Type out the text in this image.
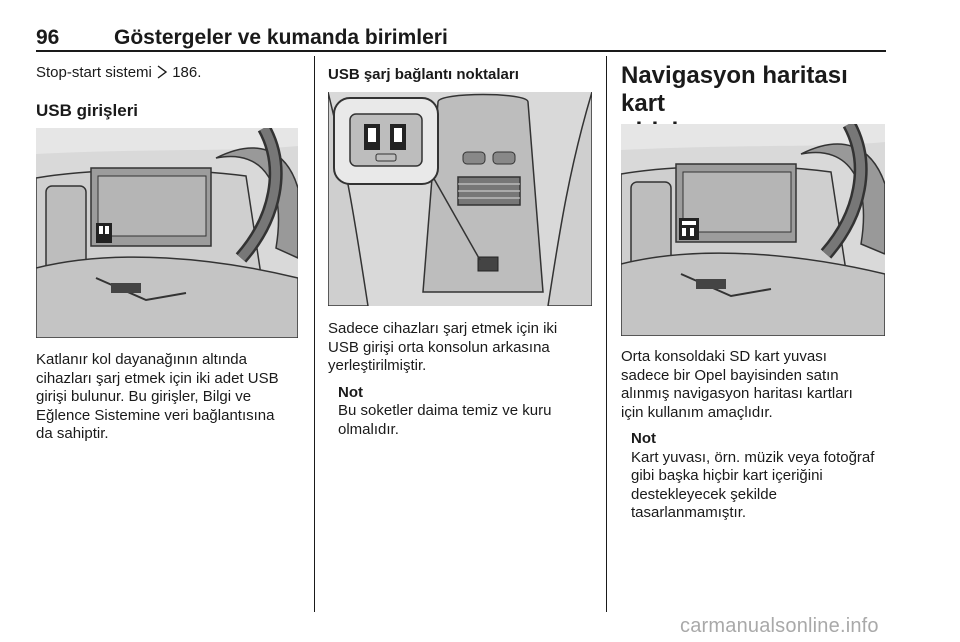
96	Göstergeler ve kumanda birimleri

Stop-start sistemi 186.

USB girişleri

Katlanır kol dayanağının altında
cihazları şarj etmek için iki adet USB
girişi bulunur. Bu girişler, Bilgi ve
Eğlence Sistemine veri bağlantısına
da sahiptir.

USB şarj bağlantı noktaları

Sadece cihazları şarj etmek için iki
USB girişi orta konsolun arkasına
yerleştirilmiştir.

Not

Bu soketler daima temiz ve kuru
olmalıdır.

Navigasyon haritası kart

Orta konsoldaki SD kart yuvası
sadece bir Opel bayisinden satın
alınmış navigasyon haritası kartları
için kullanım amaçlıdır.

Not

Kart yuvası, örn. müzik veya fotoğraf
gibi başka hiçbir kart içeriğini
destekleyecek şekilde
tasarlanmamıştır.

carmanualsonline.info
